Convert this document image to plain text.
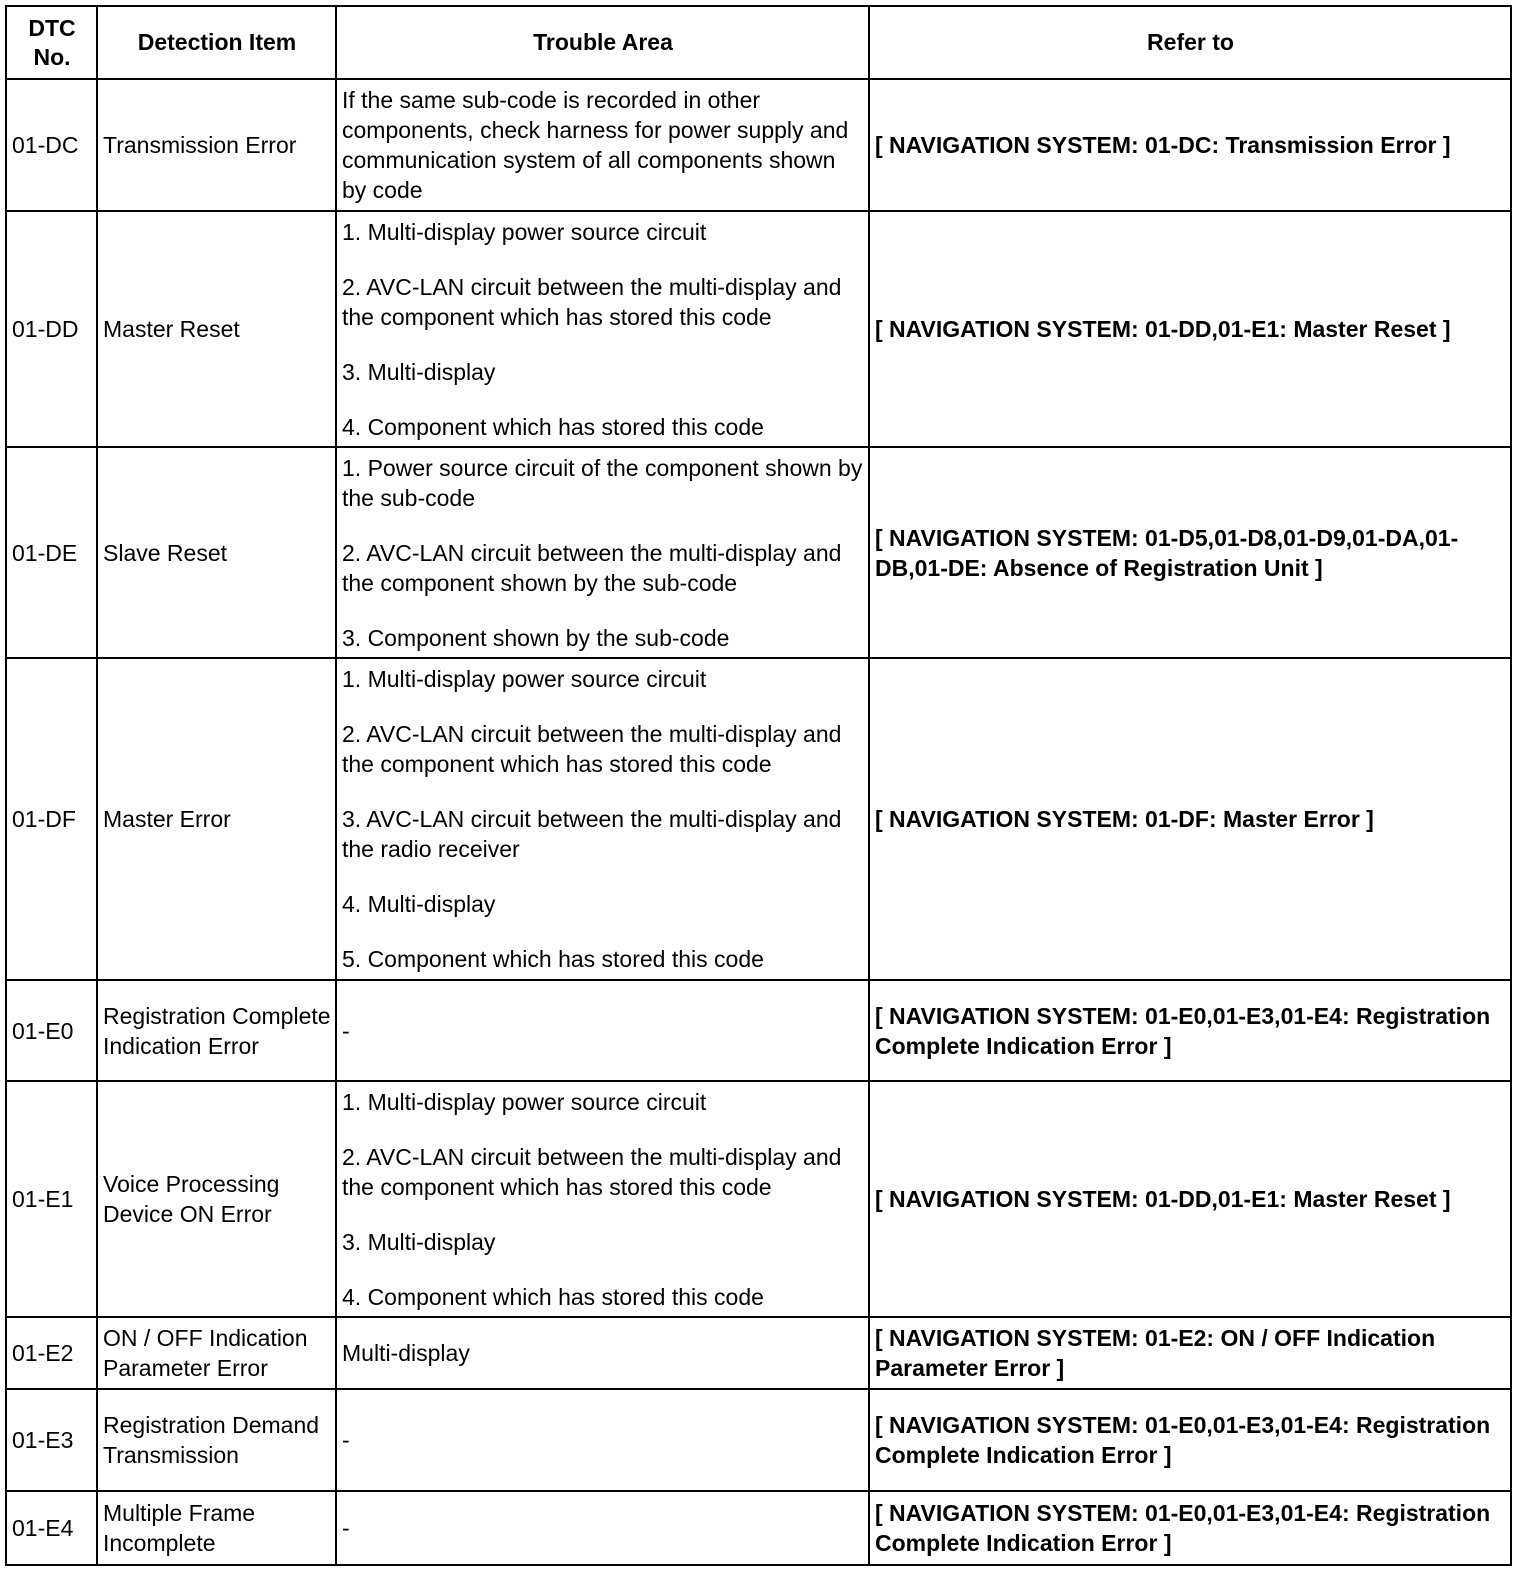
DTC No.	Detection Item	Trouble Area	Refer to
01-DC	Transmission Error	If the same sub-code is recorded in other components, check harness for power supply and communication system of all components shown by code	[ NAVIGATION SYSTEM: 01-DC: Transmission Error ]
01-DD	Master Reset	1. Multi-display power source circuit
2. AVC-LAN circuit between the multi-display and the component which has stored this code
3. Multi-display
4. Component which has stored this code	[ NAVIGATION SYSTEM: 01-DD,01-E1: Master Reset ]
01-DE	Slave Reset	1. Power source circuit of the component shown by the sub-code
2. AVC-LAN circuit between the multi-display and the component shown by the sub-code
3. Component shown by the sub-code	[ NAVIGATION SYSTEM: 01-D5,01-D8,01-D9,01-DA,01-DB,01-DE: Absence of Registration Unit ]
01-DF	Master Error	1. Multi-display power source circuit
2. AVC-LAN circuit between the multi-display and the component which has stored this code
3. AVC-LAN circuit between the multi-display and the radio receiver
4. Multi-display
5. Component which has stored this code	[ NAVIGATION SYSTEM: 01-DF: Master Error ]
01-E0	Registration Complete Indication Error	-	[ NAVIGATION SYSTEM: 01-E0,01-E3,01-E4: Registration Complete Indication Error ]
01-E1	Voice Processing Device ON Error	1. Multi-display power source circuit
2. AVC-LAN circuit between the multi-display and the component which has stored this code
3. Multi-display
4. Component which has stored this code	[ NAVIGATION SYSTEM: 01-DD,01-E1: Master Reset ]
01-E2	ON / OFF Indication Parameter Error	Multi-display	[ NAVIGATION SYSTEM: 01-E2: ON / OFF Indication Parameter Error ]
01-E3	Registration Demand Transmission	-	[ NAVIGATION SYSTEM: 01-E0,01-E3,01-E4: Registration Complete Indication Error ]
01-E4	Multiple Frame Incomplete	-	[ NAVIGATION SYSTEM: 01-E0,01-E3,01-E4: Registration Complete Indication Error ]
